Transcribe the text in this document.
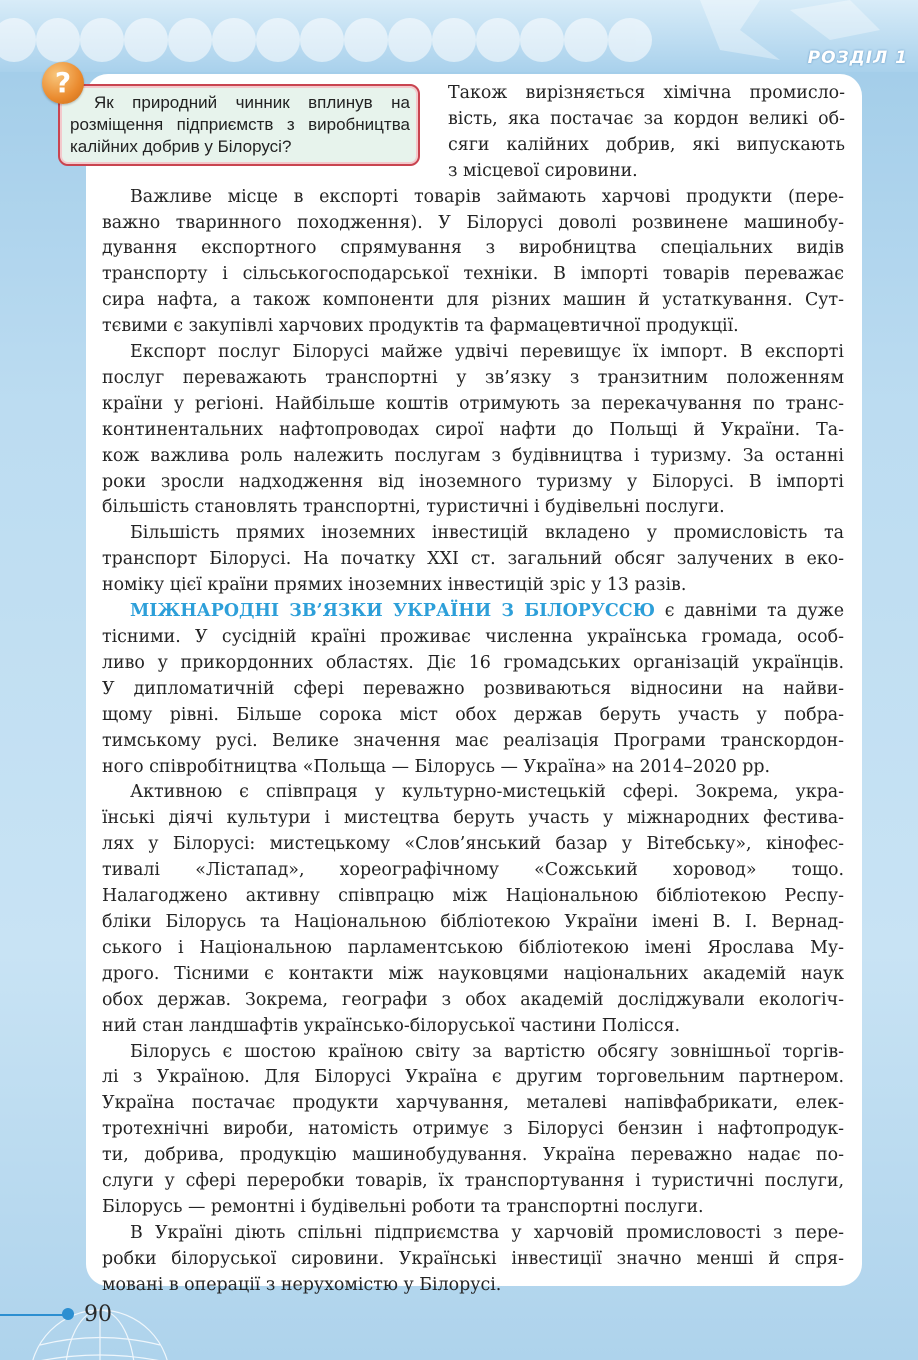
РОЗДІЛ 1
?
Як природний чинник вплинув на
розміщення підприємств з виробництва
калійних добрив у Білорусі?
Також вирізняється хімічна промисло-
вість, яка постачає за кордон великі об-
сяги калійних добрив, які випускають
з місцевої сировини.
Важливе місце в експорті товарів займають харчові продукти (пере-
важно тваринного походження). У Білорусі доволі розвинене машинобу-
дування експортного спрямування з виробництва спеціальних видів
транспорту і сільськогосподарської техніки. В імпорті товарів переважає
сира нафта, а також компоненти для різних машин й устаткування. Сут-
тєвими є закупівлі харчових продуктів та фармацевтичної продукції.
Експорт послуг Білорусі майже удвічі перевищує їх імпорт. В експорті
послуг переважають транспортні у зв’язку з транзитним положенням
країни у регіоні. Найбільше коштів отримують за перекачування по транс-
континентальних нафтопроводах сирої нафти до Польщі й України. Та-
кож важлива роль належить послугам з будівництва і туризму. За останні
роки зросли надходження від іноземного туризму у Білорусі. В імпорті
більшість становлять транспортні, туристичні і будівельні послуги.
Більшість прямих іноземних інвестицій вкладено у промисловість та
транспорт Білорусі. На початку XXI ст. загальний обсяг залучених в еко-
номіку цієї країни прямих іноземних інвестицій зріс у 13 разів.
МІЖНАРОДНІ ЗВ’ЯЗКИ УКРАЇНИ З БІЛОРУССЮ є давніми та дуже
тісними. У сусідній країні проживає численна українська громада, особ-
ливо у прикордонних областях. Діє 16 громадських організацій українців.
У дипломатичній сфері переважно розвиваються відносини на найви-
щому рівні. Більше сорока міст обох держав беруть участь у побра-
тимському русі. Велике значення має реалізація Програми транскордон-
ного співробітництва «Польща — Білорусь — Україна» на 2014–2020 рр.
Активною є співпраця у культурно-мистецькій сфері. Зокрема, укра-
їнські діячі культури і мистецтва беруть участь у міжнародних фестива-
лях у Білорусі: мистецькому «Слов’янський базар у Вітебську», кінофес-
тивалі «Лістапад», хореографічному «Сожський хоровод» тощо.
Налагоджено активну співпрацю між Національною бібліотекою Респу-
бліки Білорусь та Національною бібліотекою України імені В. І. Вернад-
ського і Національною парламентською бібліотекою імені Ярослава Му-
дрого. Тісними є контакти між науковцями національних академій наук
обох держав. Зокрема, географи з обох академій досліджували екологіч-
ний стан ландшафтів українсько-білоруської частини Полісся.
Білорусь є шостою країною світу за вартістю обсягу зовнішньої торгів-
лі з Україною. Для Білорусі Україна є другим торговельним партнером.
Україна постачає продукти харчування, металеві напівфабрикати, елек-
тротехнічні вироби, натомість отримує з Білорусі бензин і нафтопродук-
ти, добрива, продукцію машинобудування. Україна переважно надає по-
слуги у сфері переробки товарів, їх транспортування і туристичні послуги,
Білорусь — ремонтні і будівельні роботи та транспортні послуги.
В Україні діють спільні підприємства у харчовій промисловості з пере-
робки білоруської сировини. Українські інвестиції значно менші й спря-
мовані в операції з нерухомістю у Білорусі.
90
